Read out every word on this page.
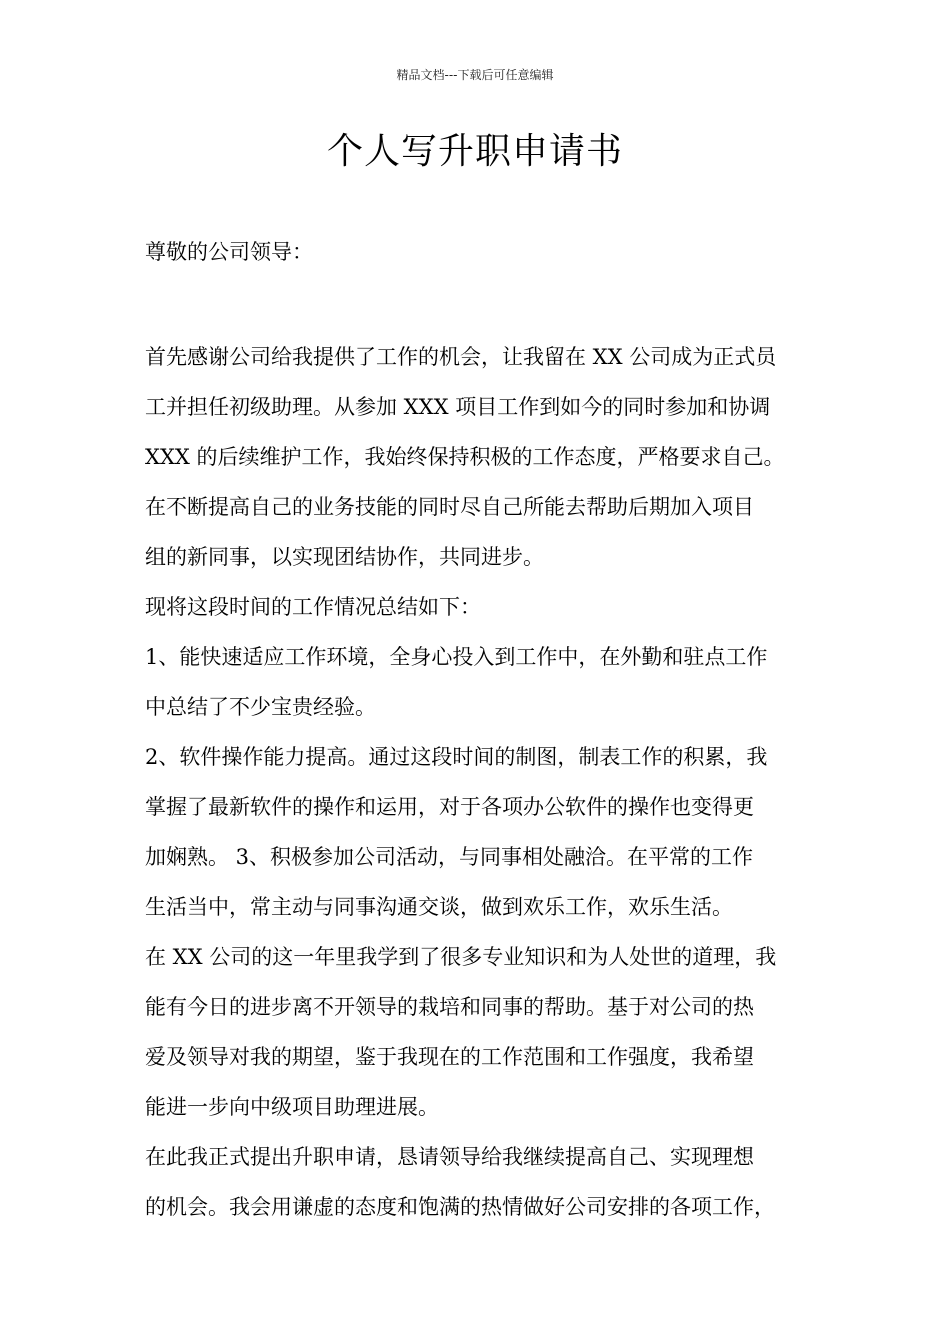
精品文档---下载后可任意编辑
个人写升职申请书

尊敬的公司领导：

首先感谢公司给我提供了工作的机会，让我留在 XX 公司成为正式员

工并担任初级助理。从参加 XXX 项目工作到如今的同时参加和协调

XXX 的后续维护工作，我始终保持积极的工作态度，严格要求自己。

在不断提高自己的业务技能的同时尽自己所能去帮助后期加入项目

组的新同事，以实现团结协作，共同进步。

现将这段时间的工作情况总结如下：

1、能快速适应工作环境，全身心投入到工作中，在外勤和驻点工作

中总结了不少宝贵经验。

2、软件操作能力提高。通过这段时间的制图，制表工作的积累，我

掌握了最新软件的操作和运用，对于各项办公软件的操作也变得更

加娴熟。 3、积极参加公司活动，与同事相处融洽。在平常的工作

生活当中，常主动与同事沟通交谈，做到欢乐工作，欢乐生活。

在 XX 公司的这一年里我学到了很多专业知识和为人处世的道理，我

能有今日的进步离不开领导的栽培和同事的帮助。基于对公司的热

爱及领导对我的期望，鉴于我现在的工作范围和工作强度，我希望

能进一步向中级项目助理进展。

在此我正式提出升职申请，恳请领导给我继续提高自己、实现理想

的机会。我会用谦虚的态度和饱满的热情做好公司安排的各项工作，
